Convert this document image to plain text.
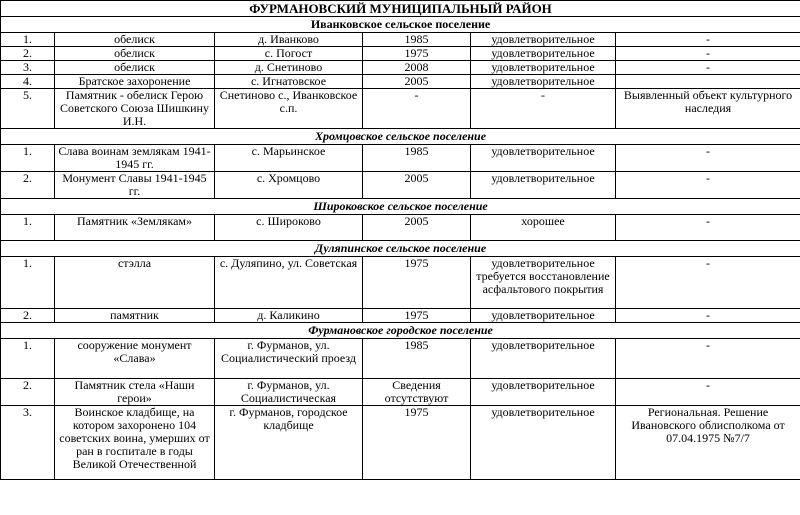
ФУРМАНОВСКИЙ МУНИЦИПАЛЬНЫЙ РАЙОН					
Иванковское сельское поселение					
1.	обелиск	д. Иванково	1985	удовлетворительное	-
2.	обелиск	с. Погост	1975	удовлетворительное	-
3.	обелиск	д. Снетиново	2008	удовлетворительное	-
4.	Братское захоронение	с. Игнатовское	2005	удовлетворительное	
5.	Памятник - обелиск Герою Советского Союза Шишкину И.Н.	Снетиново с., Иванковское с.п.	-	-	Выявленный объект культурного наследия
Хромцовское сельское поселение					
1.	Слава воинам землякам 1941-1945 гг.	с. Марьинское	1985	удовлетворительное	-
2.	Монумент Славы 1941-1945 гг.	с. Хромцово	2005	удовлетворительное	-
Широковское сельское поселение					
1.	Памятник «Землякам»	с. Широково	2005	хорошее	-
Дуляпинское сельское поселение					
1.	стэлла	с. Дуляпино, ул. Советская	1975	удовлетворительное требуется восстановление асфальтового покрытия	-
2.	памятник	д. Каликино	1975	удовлетворительное	-
Фурмановское городское поселение					
1.	сооружение монумент «Слава»	г. Фурманов, ул. Социалистический проезд	1985	удовлетворительное	-
2.	Памятник стела «Наши герои»	г. Фурманов, ул. Социалистическая	Сведения отсутствуют	удовлетворительное	-
3.	Воинское кладбище, на котором захоронено 104 советских воина, умерших от ран в госпитале в годы Великой Отечественной	г. Фурманов, городское кладбище	1975	удовлетворительное	Региональная. Решение Ивановского облисполкома от 07.04.1975 №7/7
